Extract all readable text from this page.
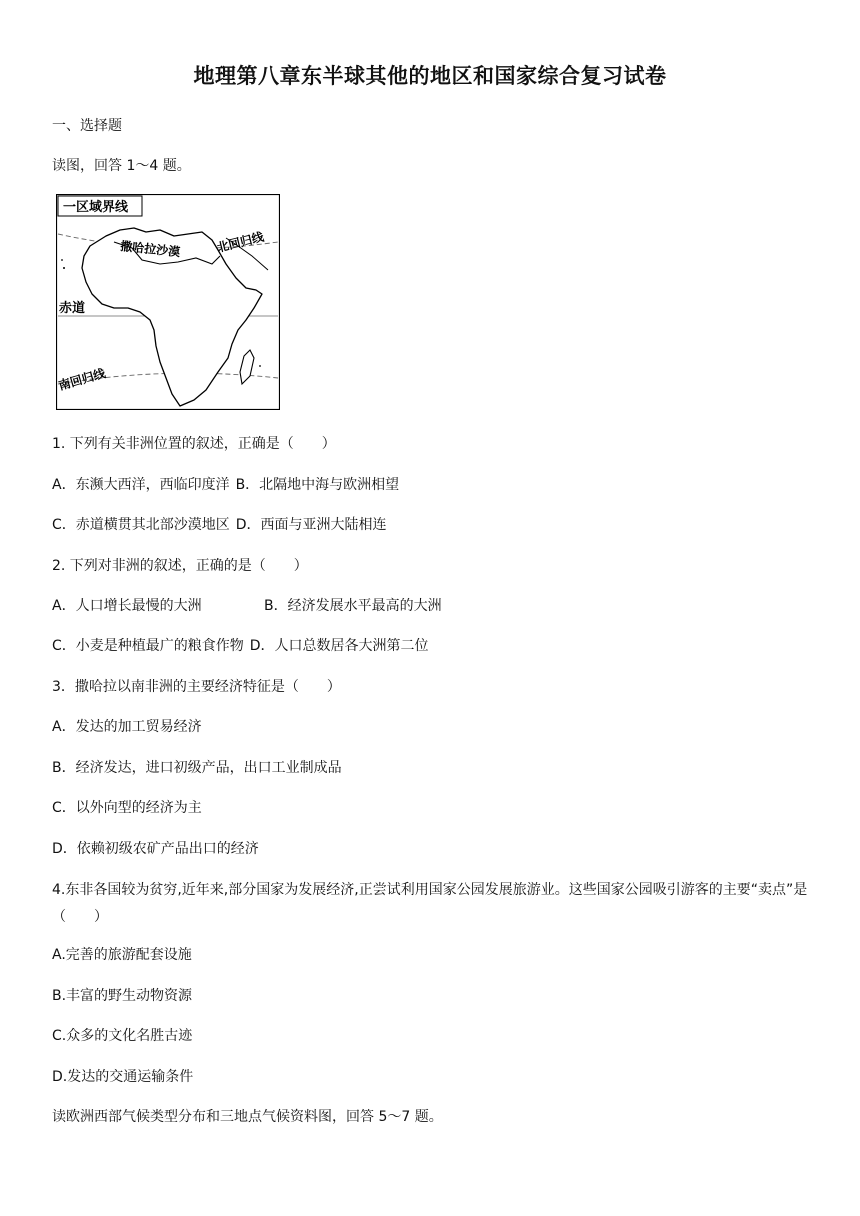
地理第八章东半球其他的地区和国家综合复习试卷
一、选择题
读图，回答 1～4 题。
一区域界线
撒哈拉沙漠	北回归线
赤道
南回归线
1. 下列有关非洲位置的叙述，正确是（　　）
A．东濒大西洋，西临印度洋 B．北隔地中海与欧洲相望
C．赤道横贯其北部沙漠地区 D．西面与亚洲大陆相连
2. 下列对非洲的叙述，正确的是（　　）
A．人口增长最慢的大洲	B．经济发展水平最高的大洲
C．小麦是种植最广的粮食作物 D．人口总数居各大洲第二位
3．撒哈拉以南非洲的主要经济特征是（　　）
A．发达的加工贸易经济
B．经济发达，进口初级产品，出口工业制成品
C．以外向型的经济为主
D．依赖初级农矿产品出口的经济
4.东非各国较为贫穷,近年来,部分国家为发展经济,正尝试利用国家公园发展旅游业。这些国家公园吸引游客的主要“卖点”是（　　）
A.完善的旅游配套设施
B.丰富的野生动物资源
C.众多的文化名胜古迹
D.发达的交通运输条件
读欧洲西部气候类型分布和三地点气候资料图，回答 5～7 题。
